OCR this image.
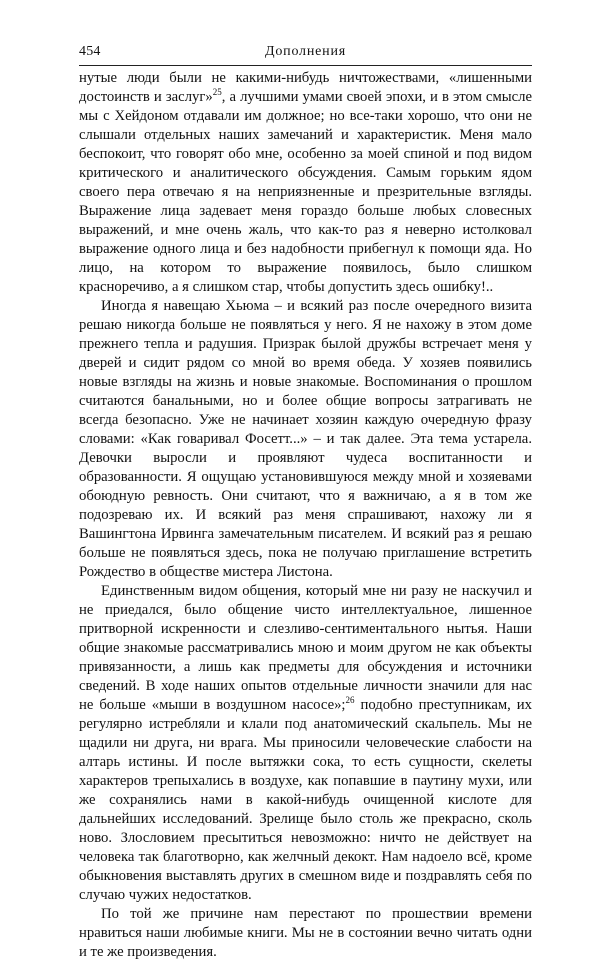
454	Дополнения

нутые люди были не какими-нибудь ничтожествами, «лишенными достоинств и заслуг»$^{25}$, а лучшими умами своей эпохи, и в этом смысле мы с Хейдоном отдавали им должное; но все-таки хорошо, что они не слышали отдельных наших замечаний и характеристик. Меня мало беспокоит, что говорят обо мне, особенно за моей спиной и под видом критического и аналитического обсуждения. Самым горьким ядом своего пера отвечаю я на неприязненные и презрительные взгляды. Выражение лица задевает меня гораздо больше любых словесных выражений, и мне очень жаль, что как-то раз я неверно истолковал выражение одного лица и без надобности прибегнул к помощи яда. Но лицо, на котором то выражение появилось, было слишком красноречиво, а я слишком стар, чтобы допустить здесь ошибку!..

Иногда я навещаю Хьюма – и всякий раз после очередного визита решаю никогда больше не появляться у него. Я не нахожу в этом доме прежнего тепла и радушия. Призрак былой дружбы встречает меня у дверей и сидит рядом со мной во время обеда. У хозяев появились новые взгляды на жизнь и новые знакомые. Воспоминания о прошлом считаются банальными, но и более общие вопросы затрагивать не всегда безопасно. Уже не начинает хозяин каждую очередную фразу словами: «Как говаривал Фосетт...» – и так далее. Эта тема устарела. Девочки выросли и проявляют чудеса воспитанности и образованности. Я ощущаю установившуюся между мной и хозяевами обоюдную ревность. Они считают, что я важничаю, а я в том же подозреваю их. И всякий раз меня спрашивают, нахожу ли я Вашингтона Ирвинга замечательным писателем. И всякий раз я решаю больше не появляться здесь, пока не получаю приглашение встретить Рождество в обществе мистера Листона.

Единственным видом общения, который мне ни разу не наскучил и не приедался, было общение чисто интеллектуальное, лишенное притворной искренности и слезливо-сентиментального нытья. Наши общие знакомые рассматривались мною и моим другом не как объекты привязанности, а лишь как предметы для обсуждения и источники сведений. В ходе наших опытов отдельные личности значили для нас не больше «мыши в воздушном насосе»;$^{26}$ подобно преступникам, их регулярно истребляли и клали под анатомический скальпель. Мы не щадили ни друга, ни врага. Мы приносили человеческие слабости на алтарь истины. И после вытяжки сока, то есть сущности, скелеты характеров трепыхались в воздухе, как попавшие в паутину мухи, или же сохранялись нами в какой-нибудь очищенной кислоте для дальнейших исследований. Зрелище было столь же прекрасно, сколь ново. Злословием пресытиться невозможно: ничто не действует на человека так благотворно, как желчный декокт. Нам надоело всё, кроме обыкновения выставлять других в смешном виде и поздравлять себя по случаю чужих недостатков.

По той же причине нам перестают по прошествии времени нравиться наши любимые книги. Мы не в состоянии вечно читать одни и те же произведения.
